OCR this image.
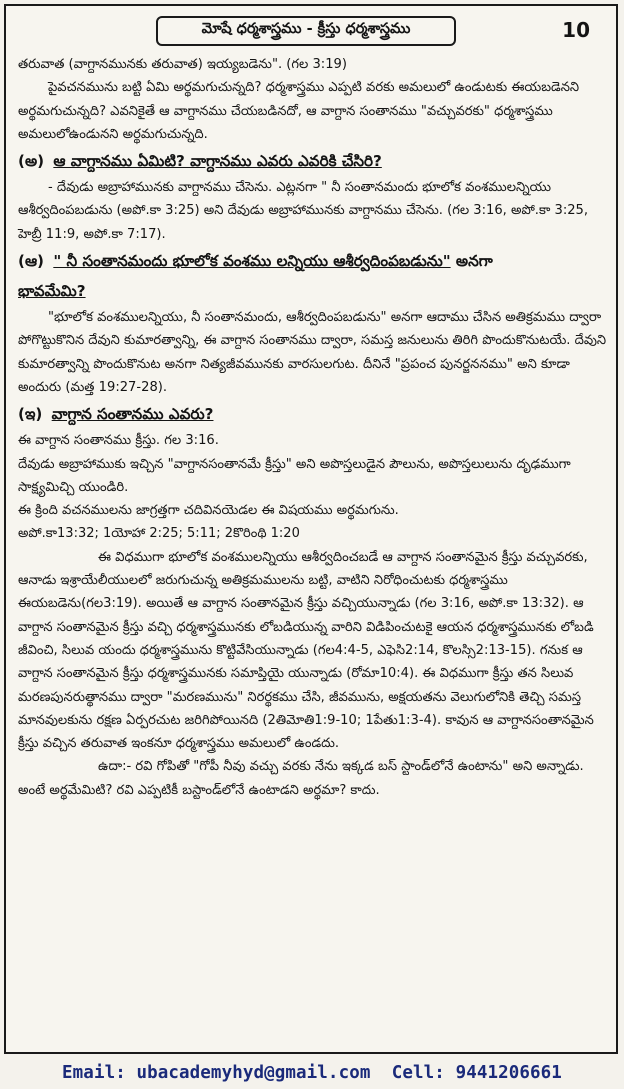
మోషే ధర్మశాస్త్రము - క్రీస్తు ధర్మశాస్త్రము	10

తరువాత (వాగ్దానమునకు తరువాత) ఇయ్యబడెను". (గల 3:19)

పైవచనమును బట్టి ఏమి అర్థమగుచున్నది? ధర్మశాస్త్రము ఎప్పటి వరకు అమలులో ఉండుటకు ఈయబడెనని అర్థమగుచున్నది? ఎవనికైతే ఆ వాగ్దానము చేయబడినదో, ఆ వాగ్దాన సంతానము "వచ్చువరకు" ధర్మశాస్త్రము అమలులోఉండునని అర్థమగుచున్నది.

(అ) ఆ వాగ్దానము ఏమిటి? వాగ్దానము ఎవరు ఎవరికి చేసిరి?

- దేవుడు అబ్రాహామునకు వాగ్దానము చేసెను. ఎట్లనగా " నీ సంతానమందు భూలోక వంశములన్నియు ఆశీర్వదింపబడును (అపో.కా 3:25) అని దేవుడు అబ్రాహామునకు వాగ్దానము చేసెను. (గల 3:16, అపో.కా 3:25, హెబ్రీ 11:9, అపో.కా 7:17).

(ఆ) " నీ సంతానమందు భూలోక వంశము లన్నియు ఆశీర్వదింపబడును" అనగా

భావమేమి?

"భూలోక వంశములన్నియు, నీ సంతానమందు, ఆశీర్వదింపబడును" అనగా ఆదాము చేసిన అతిక్రమము ద్వారా పోగొట్టుకొనిన దేవుని కుమారత్వాన్ని, ఈ వాగ్దాన సంతానము ద్వారా, సమస్త జనులును తిరిగి పొందుకొనుటయే. దేవుని కుమారత్వాన్ని పొందుకొనుట అనగా నిత్యజీవమునకు వారసులగుట. దీనినే "ప్రపంచ పునర్జననము" అని కూడా అందురు (మత్త 19:27-28).

(ఇ) వాగ్దాన సంతానము ఎవరు?

ఈ వాగ్దాన సంతానము క్రీస్తు. గల 3:16.

దేవుడు అబ్రాహాముకు ఇచ్చిన "వాగ్దానసంతానమే క్రీస్తు" అని అపొస్తలుడైన పౌలును, అపొస్తలులును దృఢముగా సాక్ష్యమిచ్చి యుండిరి.

ఈ క్రింది వచనములను జాగ్రత్తగా చదివినయెడల ఈ విషయము అర్థమగును.

అపో.కా13:32; 1యోహా 2:25; 5:11; 2కొరింథి 1:20

ఈ విధముగా భూలోక వంశములన్నియు ఆశీర్వదించబడే ఆ వాగ్దాన సంతానమైన క్రీస్తు వచ్చువరకు, ఆనాడు ఇశ్రాయేలీయులలో జరుగుచున్న అతిక్రమములను బట్టి, వాటిని నిరోధించుటకు ధర్మశాస్త్రము ఈయబడెను(గల3:19). అయితే ఆ వాగ్దాన సంతానమైన క్రీస్తు వచ్చియున్నాడు (గల 3:16, అపో.కా 13:32). ఆ వాగ్దాన సంతానమైన క్రీస్తు వచ్చి ధర్మశాస్త్రమునకు లోబడియున్న వారిని విడిపించుటకై ఆయన ధర్మశాస్త్రమునకు లోబడి జీవించి, సిలువ యందు ధర్మశాస్త్రమును కొట్టివేసియున్నాడు (గల4:4-5, ఎఫెసి2:14, కొలస్సి2:13-15). గనుక ఆ వాగ్దాన సంతానమైన క్రీస్తు ధర్మశాస్త్రమునకు సమాప్తియై యున్నాడు (రోమా10:4). ఈ విధముగా క్రీస్తు తన సిలువ మరణపునరుత్థానము ద్వారా "మరణమును" నిరర్థకము చేసి, జీవమును, అక్షయతను వెలుగులోనికి తెచ్చి సమస్త మానవులకును రక్షణ ఏర్పరచుట జరిగిపోయినది (2తిమోతి1:9-10; 1పేతు1:3-4). కావున ఆ వాగ్దానసంతానమైన క్రీస్తు వచ్చిన తరువాత ఇంకనూ ధర్మశాస్త్రము అమలులో ఉండదు.

ఉదా:- రవి గోపితో "గోపీ నీవు వచ్చు వరకు నేను ఇక్కడ బస్ స్టాండ్‌లోనే ఉంటాను" అని అన్నాడు. అంటే అర్థమేమిటి? రవి ఎప్పటికీ బస్టాండ్‌లోనే ఉంటాడని అర్థమా? కాదు.

Email: ubacademyhyd@gmail.com
Cell: 9441206661
